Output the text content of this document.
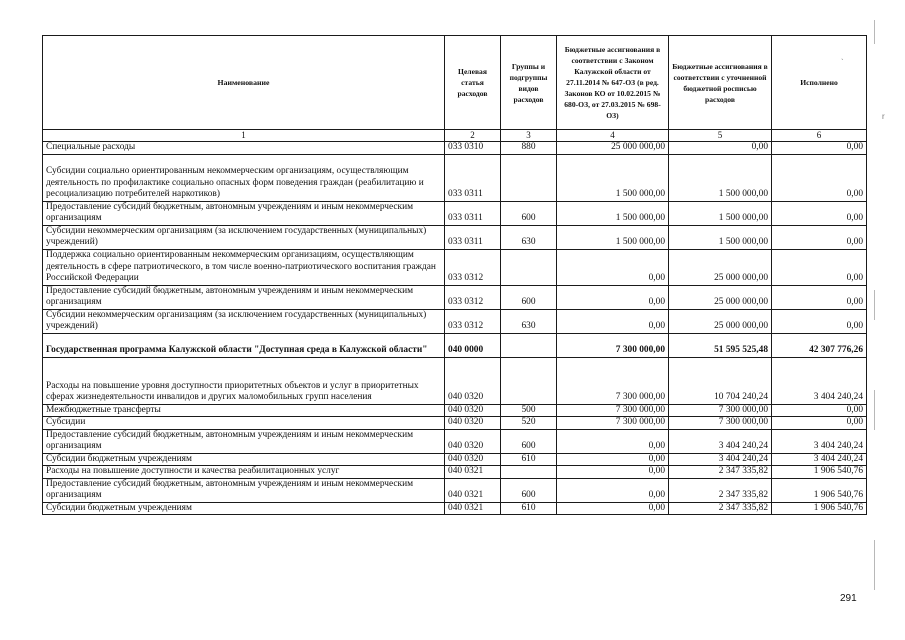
Наименование	Целевая статья расходов	Группы и подгруппы видов расходов	Бюджетные ассигнования в соответствии с Законом Калужской области от 27.11.2014 № 647-ОЗ (в ред. Законов КО от 10.02.2015 № 680-ОЗ, от 27.03.2015 № 698-ОЗ)	Бюджетные ассигнования в соответствии с уточненной бюджетной росписью расходов	Исполнено
1	2	3	4	5	6
Специальные расходы	033 0310	880	25 000 000,00	0,00	0,00
Субсидии социально ориентированным некоммерческим организациям, осуществляющим деятельность по профилактике социально опасных форм поведения граждан (реабилитацию и ресоциализацию потребителей наркотиков)	033 0311		1 500 000,00	1 500 000,00	0,00
Предоставление субсидий бюджетным, автономным учреждениям и иным некоммерческим организациям	033 0311	600	1 500 000,00	1 500 000,00	0,00
Субсидии некоммерческим организациям (за исключением государственных (муниципальных) учреждений)	033 0311	630	1 500 000,00	1 500 000,00	0,00
Поддержка социально ориентированным некоммерческим организациям, осуществляющим деятельность в сфере патриотического, в том числе военно-патриотического воспитания граждан Российской Федерации	033 0312		0,00	25 000 000,00	0,00
Предоставление субсидий бюджетным, автономным учреждениям и иным некоммерческим организациям	033 0312	600	0,00	25 000 000,00	0,00
Субсидии некоммерческим организациям (за исключением государственных (муниципальных) учреждений)	033 0312	630	0,00	25 000 000,00	0,00
Государственная программа Калужской области "Доступная среда в Калужской области"	040 0000		7 300 000,00	51 595 525,48	42 307 776,26
Расходы на повышение уровня доступности приоритетных объектов и услуг в приоритетных сферах жизнедеятельности инвалидов и других маломобильных групп населения	040 0320		7 300 000,00	10 704 240,24	3 404 240,24
Межбюджетные трансферты	040 0320	500	7 300 000,00	7 300 000,00	0,00
Субсидии	040 0320	520	7 300 000,00	7 300 000,00	0,00
Предоставление субсидий бюджетным, автономным учреждениям и иным некоммерческим организациям	040 0320	600	0,00	3 404 240,24	3 404 240,24
Субсидии бюджетным учреждениям	040 0320	610	0,00	3 404 240,24	3 404 240,24
Расходы на повышение доступности и качества реабилитационных услуг	040 0321		0,00	2 347 335,82	1 906 540,76
Предоставление субсидий бюджетным, автономным учреждениям и иным некоммерческим организациям	040 0321	600	0,00	2 347 335,82	1 906 540,76
Субсидии бюджетным учреждениям	040 0321	610	0,00	2 347 335,82	1 906 540,76
`
r
291
